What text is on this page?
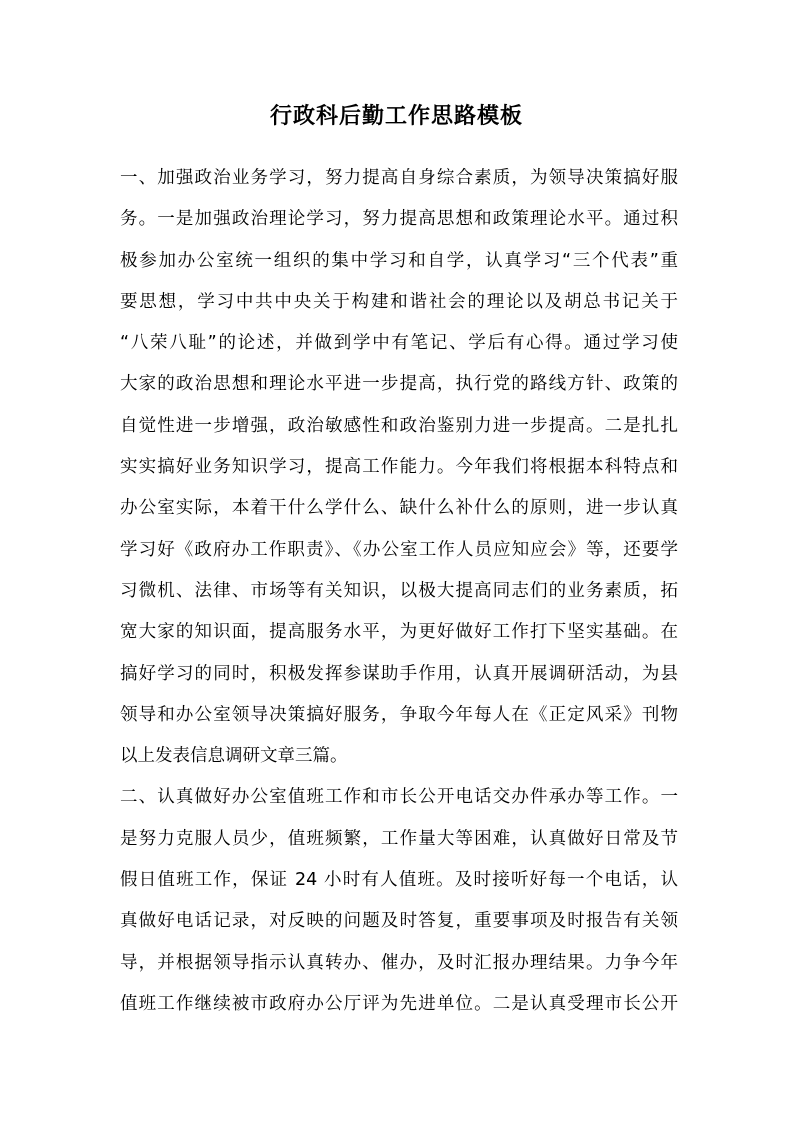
行政科后勤工作思路模板
一、加强政治业务学习，努力提高自身综合素质，为领导决策搞好服
务。一是加强政治理论学习，努力提高思想和政策理论水平。通过积
极参加办公室统一组织的集中学习和自学，认真学习“三个代表”重
要思想，学习中共中央关于构建和谐社会的理论以及胡总书记关于
“八荣八耻”的论述，并做到学中有笔记、学后有心得。通过学习使
大家的政治思想和理论水平进一步提高，执行党的路线方针、政策的
自觉性进一步增强，政治敏感性和政治鉴别力进一步提高。二是扎扎
实实搞好业务知识学习，提高工作能力。今年我们将根据本科特点和
办公室实际，本着干什么学什么、缺什么补什么的原则，进一步认真
学习好《政府办工作职责》、《办公室工作人员应知应会》等，还要学
习微机、法律、市场等有关知识，以极大提高同志们的业务素质，拓
宽大家的知识面，提高服务水平，为更好做好工作打下坚实基础。在
搞好学习的同时，积极发挥参谋助手作用，认真开展调研活动，为县
领导和办公室领导决策搞好服务，争取今年每人在《正定风采》刊物
以上发表信息调研文章三篇。
二、认真做好办公室值班工作和市长公开电话交办件承办等工作。一
是努力克服人员少，值班频繁，工作量大等困难，认真做好日常及节
假日值班工作，保证 24 小时有人值班。及时接听好每一个电话，认
真做好电话记录，对反映的问题及时答复，重要事项及时报告有关领
导，并根据领导指示认真转办、催办，及时汇报办理结果。力争今年
值班工作继续被市政府办公厅评为先进单位。二是认真受理市长公开
